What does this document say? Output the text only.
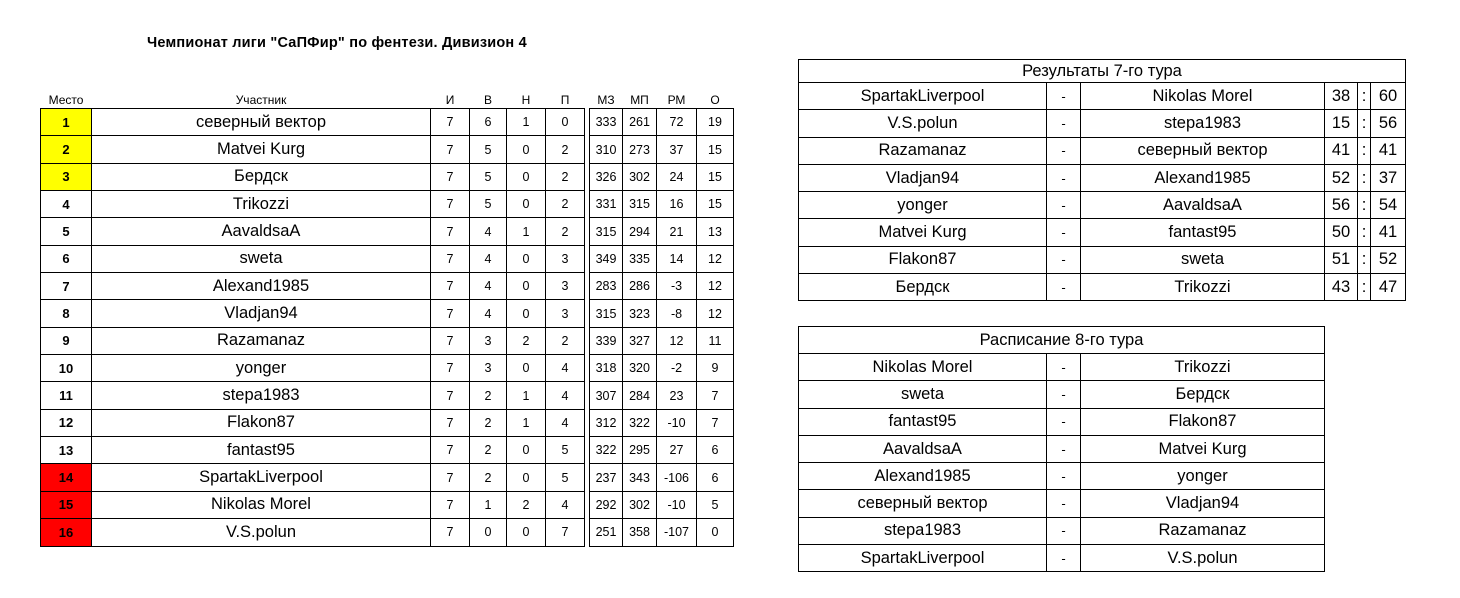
Чемпионат лиги "СаПФир" по фентези. Дивизион 4
Место	Участник	И	В	Н	П		МЗ	МП	РМ	О
1	северный вектор	7	6	1	0		333	261	72	19
2	Matvei Kurg	7	5	0	2		310	273	37	15
3	Бердск	7	5	0	2		326	302	24	15
4	Trikozzi	7	5	0	2		331	315	16	15
5	AavaldsaA	7	4	1	2		315	294	21	13
6	sweta	7	4	0	3		349	335	14	12
7	Alexand1985	7	4	0	3		283	286	-3	12
8	Vladjan94	7	4	0	3		315	323	-8	12
9	Razamanaz	7	3	2	2		339	327	12	11
10	yonger	7	3	0	4		318	320	-2	9
11	stepa1983	7	2	1	4		307	284	23	7
12	Flakon87	7	2	1	4		312	322	-10	7
13	fantast95	7	2	0	5		322	295	27	6
14	SpartakLiverpool	7	2	0	5		237	343	-106	6
15	Nikolas Morel	7	1	2	4		292	302	-10	5
16	V.S.polun	7	0	0	7		251	358	-107	0
Результаты 7-го тура					
SpartakLiverpool	-	Nikolas Morel	38	:	60
V.S.polun	-	stepa1983	15	:	56
Razamanaz	-	северный вектор	41	:	41
Vladjan94	-	Alexand1985	52	:	37
yonger	-	AavaldsaA	56	:	54
Matvei Kurg	-	fantast95	50	:	41
Flakon87	-	sweta	51	:	52
Бердск	-	Trikozzi	43	:	47
Расписание 8-го тура		
Nikolas Morel	-	Trikozzi
sweta	-	Бердск
fantast95	-	Flakon87
AavaldsaA	-	Matvei Kurg
Alexand1985	-	yonger
северный вектор	-	Vladjan94
stepa1983	-	Razamanaz
SpartakLiverpool	-	V.S.polun
